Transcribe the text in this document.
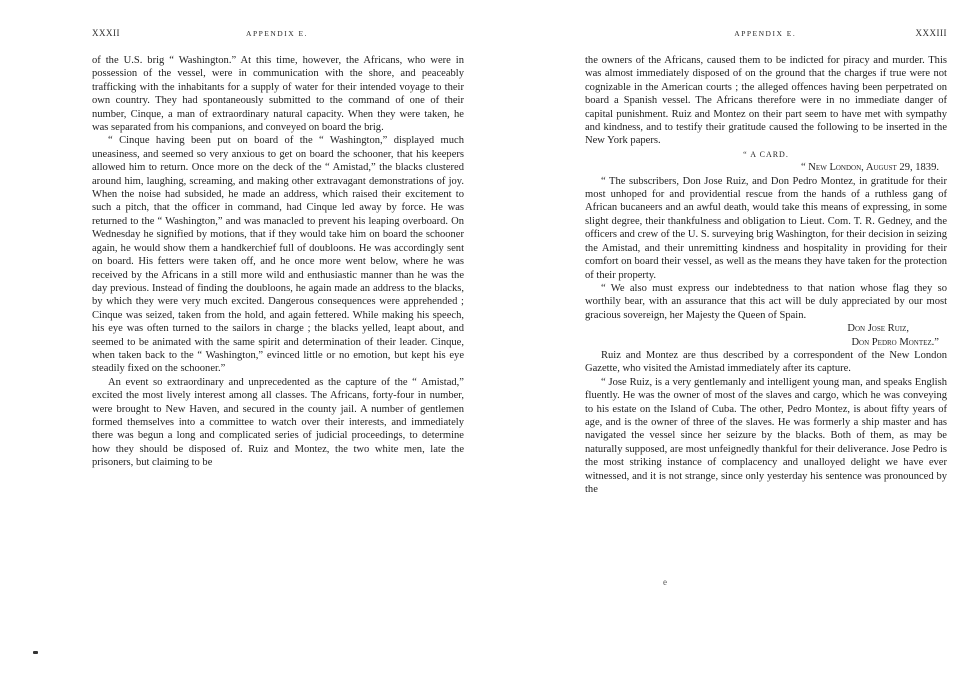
XXXII	APPENDIX E.

of the U.S. brig “ Washington.” At this time, however, the Africans, who were in possession of the vessel, were in communication with the shore, and peaceably trafficking with the inhabitants for a supply of water for their intended voyage to their own country. They had spontaneously submitted to the command of one of their number, Cinque, a man of extraordinary natural capacity. When they were taken, he was separated from his companions, and conveyed on board the brig.

“ Cinque having been put on board of the “ Washington,” displayed much uneasiness, and seemed so very anxious to get on board the schooner, that his keepers allowed him to return. Once more on the deck of the “ Amistad,” the blacks clustered around him, laughing, screaming, and making other extravagant demonstrations of joy. When the noise had subsided, he made an address, which raised their excitement to such a pitch, that the officer in command, had Cinque led away by force. He was returned to the “ Washington,” and was manacled to prevent his leaping overboard. On Wednesday he signified by motions, that if they would take him on board the schooner again, he would show them a handkerchief full of doubloons. He was accordingly sent on board. His fetters were taken off, and he once more went below, where he was received by the Africans in a still more wild and enthusiastic manner than he was the day previous. Instead of finding the doubloons, he again made an address to the blacks, by which they were very much excited. Dangerous consequences were apprehended ; Cinque was seized, taken from the hold, and again fettered. While making his speech, his eye was often turned to the sailors in charge ; the blacks yelled, leapt about, and seemed to be animated with the same spirit and determination of their leader. Cinque, when taken back to the “ Washington,” evinced little or no emotion, but kept his eye steadily fixed on the schooner.”

An event so extraordinary and unprecedented as the capture of the “ Amistad,” excited the most lively interest among all classes. The Africans, forty-four in number, were brought to New Haven, and secured in the county jail. A number of gentlemen formed themselves into a committee to watch over their interests, and immediately there was begun a long and complicated series of judicial proceedings, to determine how they should be disposed of. Ruiz and Montez, the two white men, late the prisoners, but claiming to be

APPENDIX E.	XXXIII

the owners of the Africans, caused them to be indicted for piracy and murder. This was almost immediately disposed of on the ground that the charges if true were not cognizable in the American courts ; the alleged offences having been perpetrated on board a Spanish vessel. The Africans therefore were in no immediate danger of capital punishment. Ruiz and Montez on their part seem to have met with sympathy and kindness, and to testify their gratitude caused the following to be inserted in the New York papers.

“ A CARD.

“ New London, August 29, 1839.

“ The subscribers, Don Jose Ruiz, and Don Pedro Montez, in gratitude for their most unhoped for and providential rescue from the hands of a ruthless gang of African bucaneers and an awful death, would take this means of expressing, in some slight degree, their thankfulness and obligation to Lieut. Com. T. R. Gedney, and the officers and crew of the U. S. surveying brig Washington, for their decision in seizing the Amistad, and their unremitting kindness and hospitality in providing for their comfort on board their vessel, as well as the means they have taken for the protection of their property.

“ We also must express our indebtedness to that nation whose flag they so worthily bear, with an assurance that this act will be duly appreciated by our most gracious sovereign, her Majesty the Queen of Spain.

Don Jose Ruiz,

Don Pedro Montez.”

Ruiz and Montez are thus described by a correspondent of the New London Gazette, who visited the Amistad immediately after its capture.

“ Jose Ruiz, is a very gentlemanly and intelligent young man, and speaks English fluently. He was the owner of most of the slaves and cargo, which he was conveying to his estate on the Island of Cuba. The other, Pedro Montez, is about fifty years of age, and is the owner of three of the slaves. He was formerly a ship master and has navigated the vessel since her seizure by the blacks. Both of them, as may be naturally supposed, are most unfeignedly thankful for their deliverance. Jose Pedro is the most striking instance of complacency and unalloyed delight we have ever witnessed, and it is not strange, since only yesterday his sentence was pronounced by the

e
